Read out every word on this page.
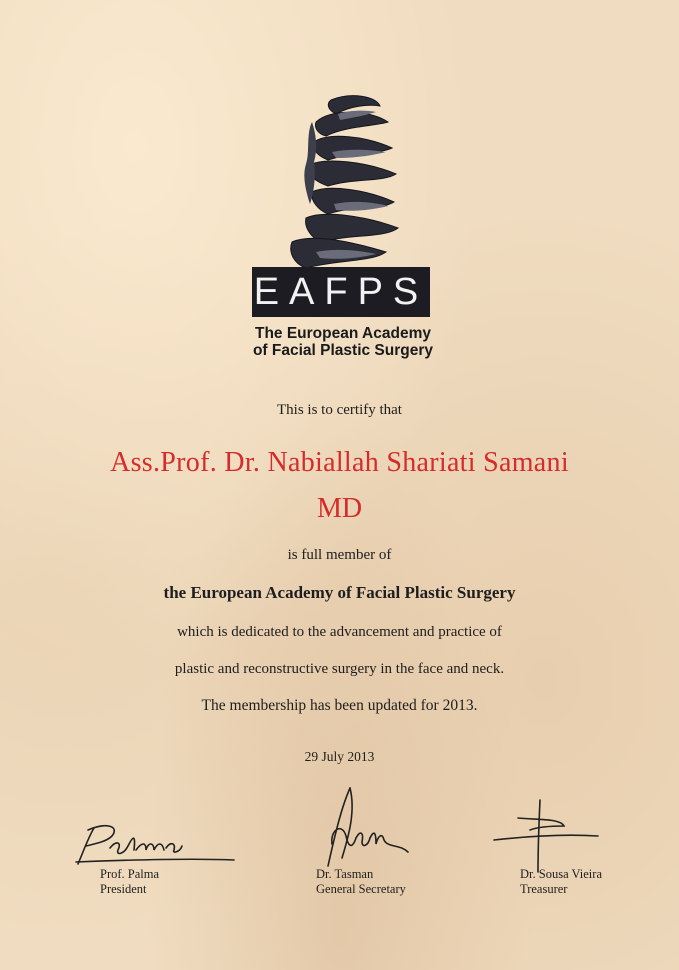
EAFPS
The European Academy
of Facial Plastic Surgery
This is to certify that
Ass.Prof. Dr. Nabiallah Shariati Samani
MD
is full member of
the European Academy of Facial Plastic Surgery
which is dedicated to the advancement and practice of
plastic and reconstructive surgery in the face and neck.
The membership has been updated for 2013.
29 July 2013
Prof. Palma
President
Dr. Tasman
General Secretary
Dr. Sousa Vieira
Treasurer
